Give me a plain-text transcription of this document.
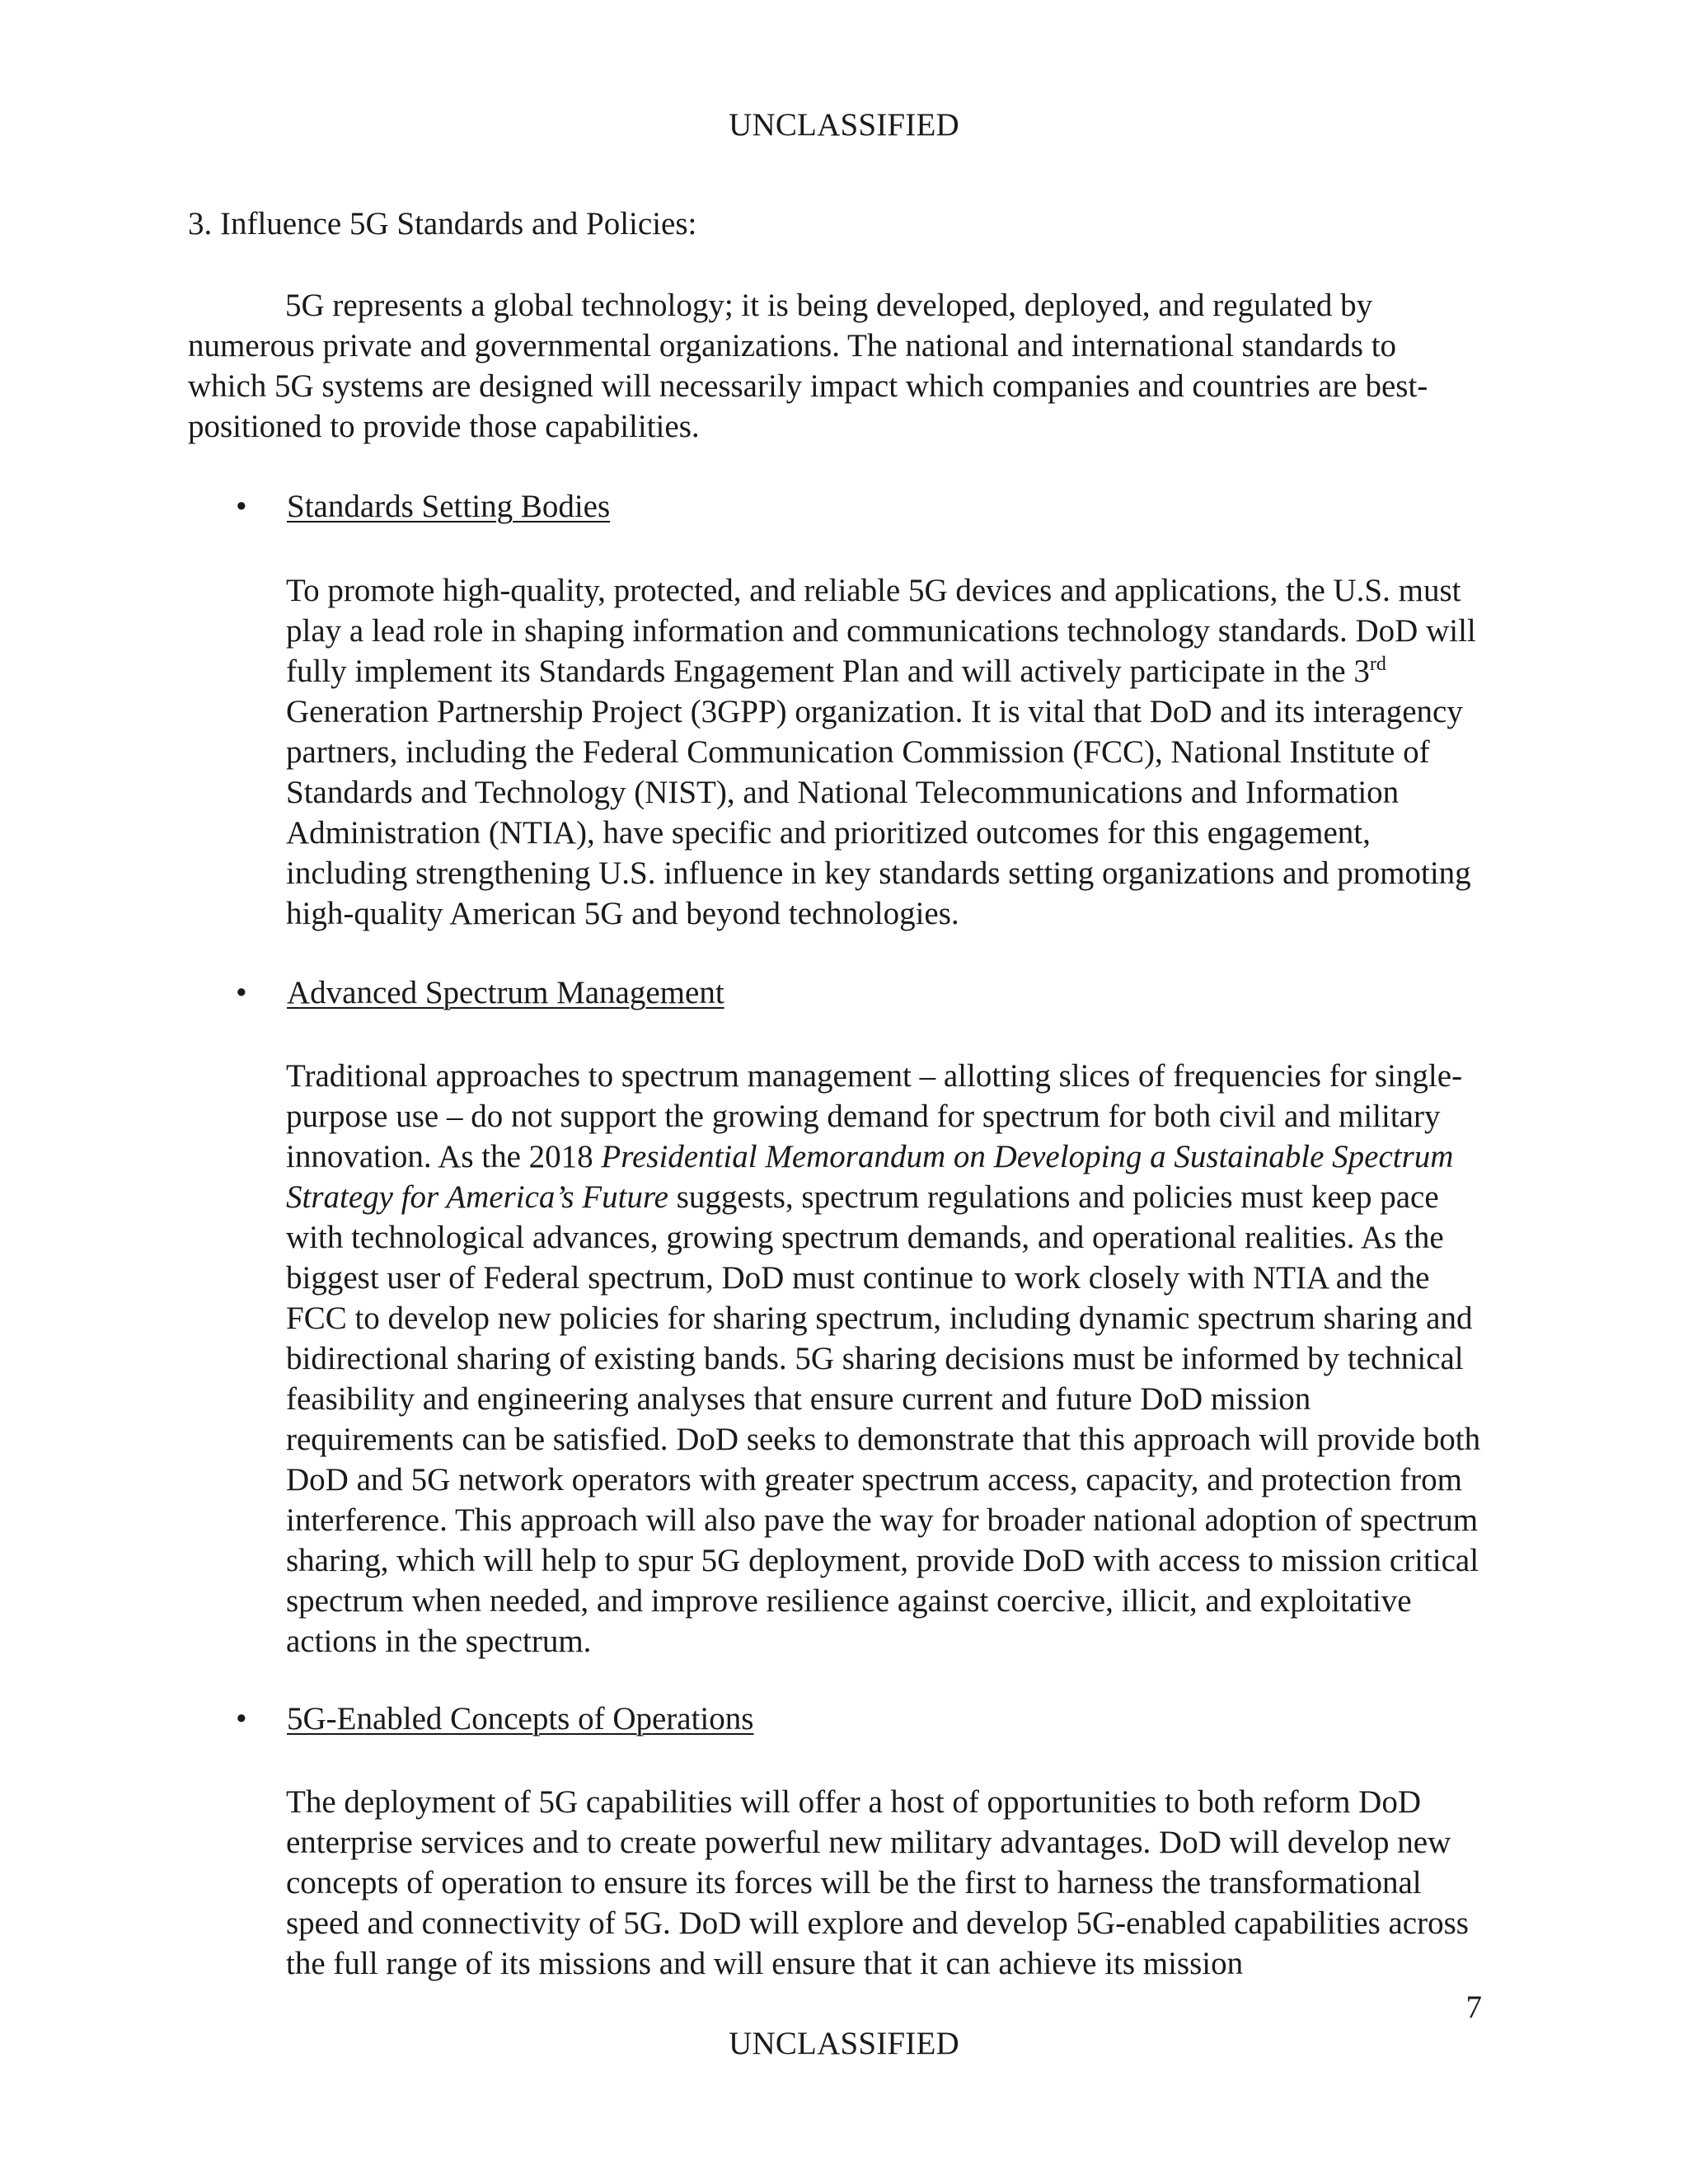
UNCLASSIFIED
3. Influence 5G Standards and Policies:

5G represents a global technology; it is being developed, deployed, and regulated by numerous private and governmental organizations. The national and international standards to which 5G systems are designed will necessarily impact which companies and countries are best-positioned to provide those capabilities.

•	Standards Setting Bodies

To promote high-quality, protected, and reliable 5G devices and applications, the U.S. must play a lead role in shaping information and communications technology standards. DoD will fully implement its Standards Engagement Plan and will actively participate in the 3rd Generation Partnership Project (3GPP) organization. It is vital that DoD and its interagency partners, including the Federal Communication Commission (FCC), National Institute of Standards and Technology (NIST), and National Telecommunications and Information Administration (NTIA), have specific and prioritized outcomes for this engagement, including strengthening U.S. influence in key standards setting organizations and promoting high-quality American 5G and beyond technologies.

•	Advanced Spectrum Management

Traditional approaches to spectrum management – allotting slices of frequencies for single-purpose use – do not support the growing demand for spectrum for both civil and military innovation. As the 2018 Presidential Memorandum on Developing a Sustainable Spectrum Strategy for America’s Future suggests, spectrum regulations and policies must keep pace with technological advances, growing spectrum demands, and operational realities. As the biggest user of Federal spectrum, DoD must continue to work closely with NTIA and the FCC to develop new policies for sharing spectrum, including dynamic spectrum sharing and bidirectional sharing of existing bands. 5G sharing decisions must be informed by technical feasibility and engineering analyses that ensure current and future DoD mission requirements can be satisfied. DoD seeks to demonstrate that this approach will provide both DoD and 5G network operators with greater spectrum access, capacity, and protection from interference. This approach will also pave the way for broader national adoption of spectrum sharing, which will help to spur 5G deployment, provide DoD with access to mission critical spectrum when needed, and improve resilience against coercive, illicit, and exploitative actions in the spectrum.

•	5G-Enabled Concepts of Operations

The deployment of 5G capabilities will offer a host of opportunities to both reform DoD enterprise services and to create powerful new military advantages. DoD will develop new concepts of operation to ensure its forces will be the first to harness the transformational speed and connectivity of 5G. DoD will explore and develop 5G-enabled capabilities across the full range of its missions and will ensure that it can achieve its mission

7
UNCLASSIFIED
